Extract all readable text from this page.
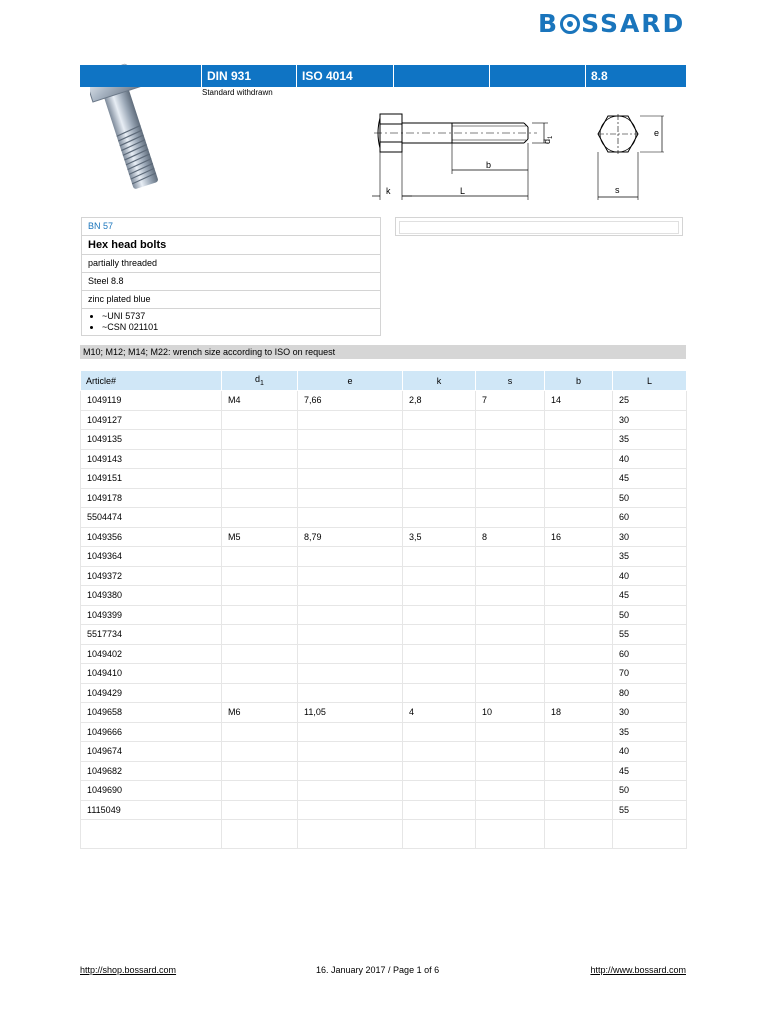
B SSARD
DIN 931	ISO 4014	8.8
Standard withdrawn
b
k	L
$d_1$
s
e
BN 57
Hex head bolts
partially threaded
Steel 8.8
zinc plated blue
• ~UNI 5737
• ~CSN 021101
M10; M12; M14; M22: wrench size according to ISO on request
Article#	$d_1$	e	k	s	b	L
1049119	M4	7,66	2,8	7	14	25
1049127						30
1049135						35
1049143						40
1049151						45
1049178						50
5504474						60
1049356	M5	8,79	3,5	8	16	30
1049364						35
1049372						40
1049380						45
1049399						50
5517734						55
1049402						60
1049410						70
1049429						80
1049658	M6	11,05	4	10	18	30
1049666						35
1049674						40
1049682						45
1049690						50
1115049						55

http://shop.bossard.com	16. January 2017 / Page 1 of 6	http://www.bossard.com
